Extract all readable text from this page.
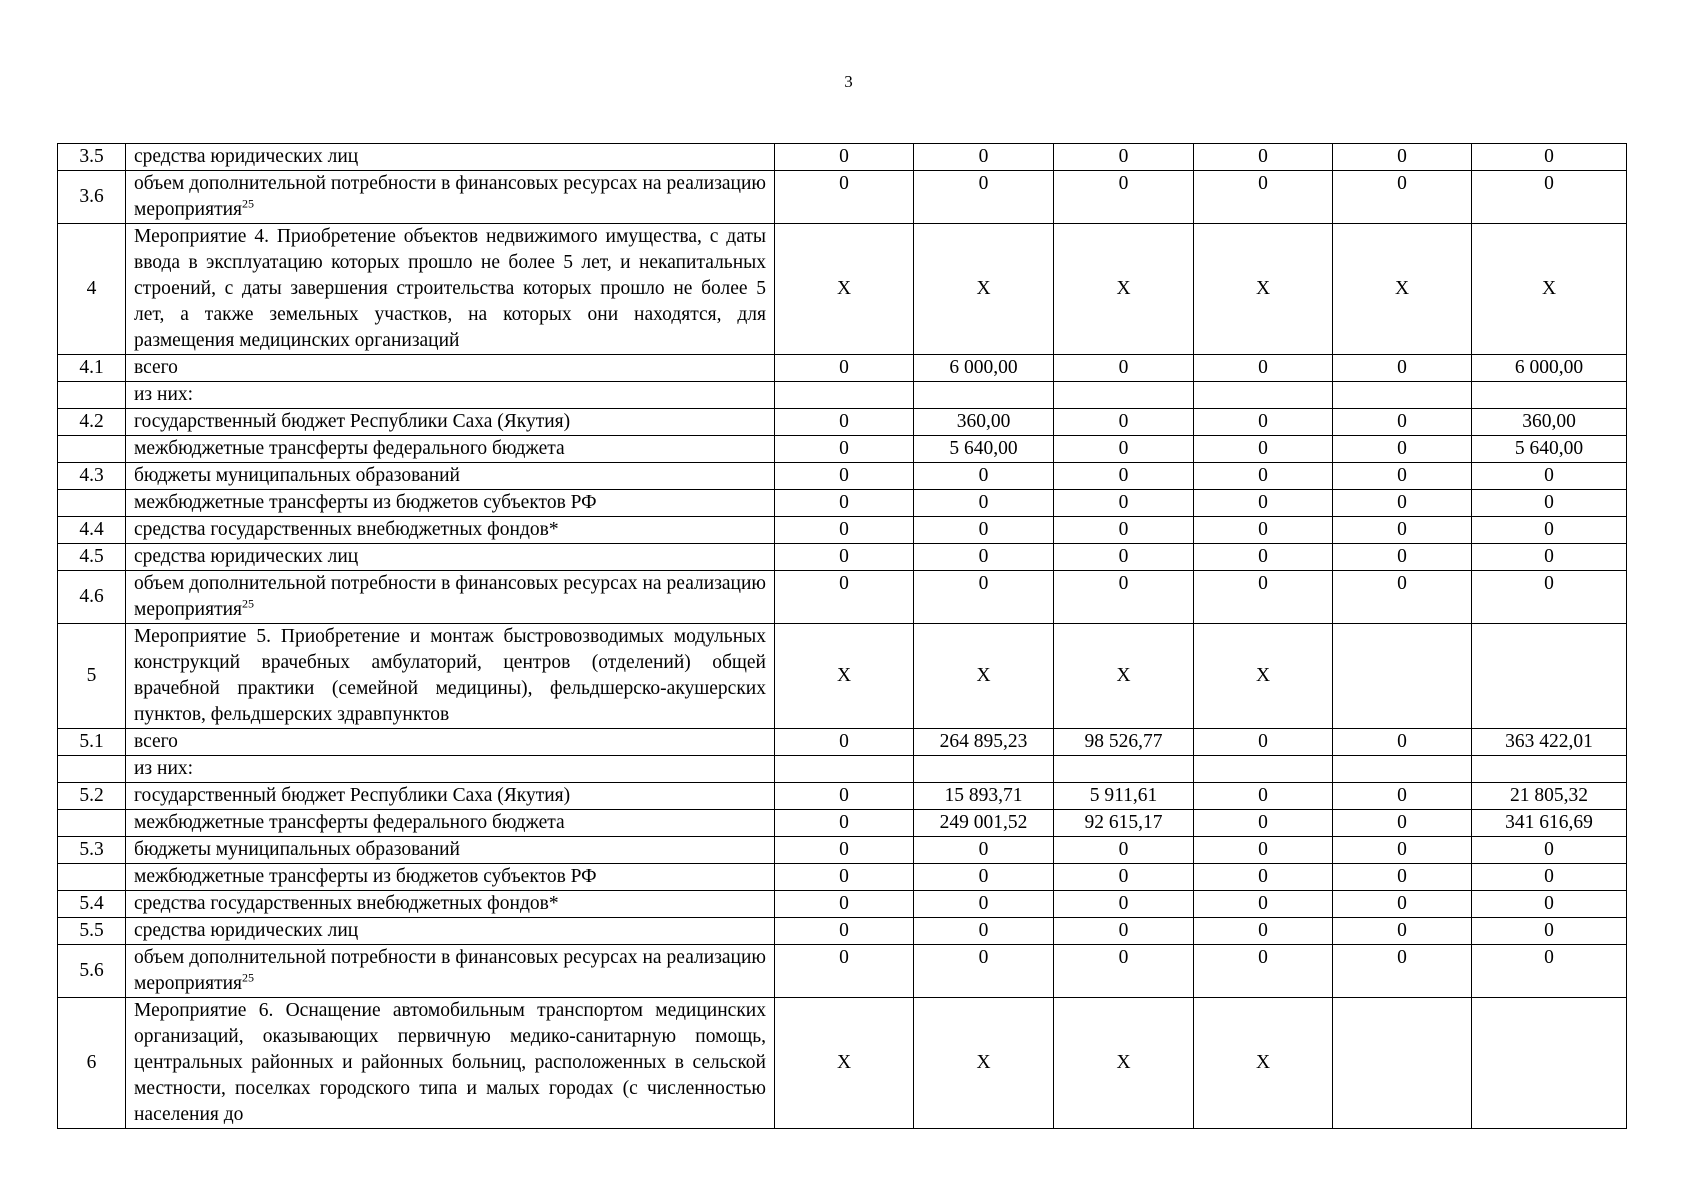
3
3.5	средства юридических лиц	0	0	0	0	0	0
3.6	объем дополнительной потребности в финансовых ресурсах на реализацию мероприятия$^{25}$	0	0	0	0	0	0
4	Мероприятие 4. Приобретение объектов недвижимого имущества, с даты ввода в эксплуатацию которых прошло не более 5 лет, и некапитальных строений, с даты завершения строительства которых прошло не более 5 лет, а также земельных участков, на которых они находятся, для размещения медицинских организаций	X	X	X	X	X	X
4.1	всего	0	6 000,00	0	0	0	6 000,00
	из них:						
4.2	государственный бюджет Республики Саха (Якутия)	0	360,00	0	0	0	360,00
	межбюджетные трансферты федерального бюджета	0	5 640,00	0	0	0	5 640,00
4.3	бюджеты муниципальных образований	0	0	0	0	0	0
	межбюджетные трансферты из бюджетов субъектов РФ	0	0	0	0	0	0
4.4	средства государственных внебюджетных фондов*	0	0	0	0	0	0
4.5	средства юридических лиц	0	0	0	0	0	0
4.6	объем дополнительной потребности в финансовых ресурсах на реализацию мероприятия$^{25}$	0	0	0	0	0	0
5	Мероприятие 5. Приобретение и монтаж быстровозводимых модульных конструкций врачебных амбулаторий, центров (отделений) общей врачебной практики (семейной медицины), фельдшерско-акушерских пунктов, фельдшерских здравпунктов	X	X	X	X		
5.1	всего	0	264 895,23	98 526,77	0	0	363 422,01
	из них:						
5.2	государственный бюджет Республики Саха (Якутия)	0	15 893,71	5 911,61	0	0	21 805,32
	межбюджетные трансферты федерального бюджета	0	249 001,52	92 615,17	0	0	341 616,69
5.3	бюджеты муниципальных образований	0	0	0	0	0	0
	межбюджетные трансферты из бюджетов субъектов РФ	0	0	0	0	0	0
5.4	средства государственных внебюджетных фондов*	0	0	0	0	0	0
5.5	средства юридических лиц	0	0	0	0	0	0
5.6	объем дополнительной потребности в финансовых ресурсах на реализацию мероприятия$^{25}$	0	0	0	0	0	0
6	Мероприятие 6. Оснащение автомобильным транспортом медицинских организаций, оказывающих первичную медико-санитарную помощь, центральных районных и районных больниц, расположенных в сельской местности, поселках городского типа и малых городах (с численностью населения до	X	X	X	X		
